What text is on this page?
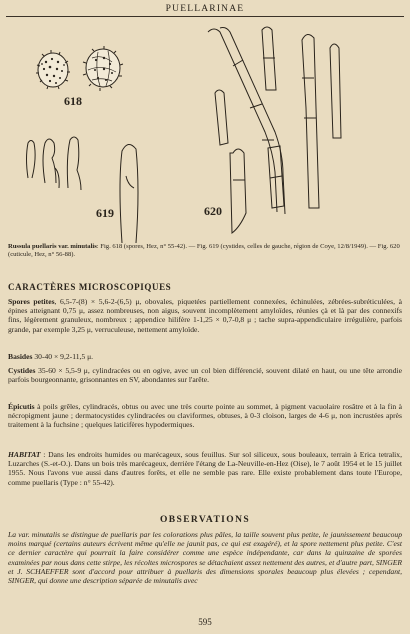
PUELLARINAE
618
619	620
Russula puellaris var. minutalis: Fig. 618 (spores, Hez, n° 55-42). — Fig. 619 (cystides, celles de gauche, région de Coye, 12/8/1949). — Fig. 620 (cuticule, Hez, n° 56-88).
CARACTÈRES MICROSCOPIQUES
Spores petites, 6,5-7-(8) × 5,6-2-(6,5) μ, obovales, piquetées partiellement connexées, échinulées, zébrées-subréticulées, à épines atteignant 0,75 μ, assez nombreuses, non aigus, souvent incomplètement amyloïdes, réunies çà et là par des connexifs fins, légèrement granuleux, nombreux ; appendice hilifère 1-1,25 × 0,7-0,8 μ ; tache supra-appendiculaire irrégulière, parfois grande, par exemple 3,25 μ, verruculeuse, nettement amyloïde.
Basides 30-40 × 9,2-11,5 μ.
Cystides 35-60 × 5,5-9 μ, cylindracées ou en ogive, avec un col bien différencié, souvent dilaté en haut, ou une tête arrondie parfois bourgeonnante, grisonnantes en SV, abondantes sur l'arête.
Épicutis à poils grêles, cylindracés, obtus ou avec une très courte pointe au sommet, à pigment vacuolaire rosâtre et à la fin à nécropigment jaune ; dermatocystides cylindracées ou claviformes, obtuses, à 0-3 cloison, larges de 4-6 μ, non incrustées après traitement à la fuchsine ; quelques laticifères hypodermiques.
HABITAT : Dans les endroits humides ou marécageux, sous feuillus. Sur sol siliceux, sous bouleaux, terrain à Erica tetralix, Luzarches (S.-et-O.). Dans un bois très marécageux, derrière l'étang de La-Neuville-en-Hez (Oise), le 7 août 1954 et le 15 juillet 1955. Nous l'avons vue aussi dans d'autres forêts, et elle ne semble pas rare. Elle existe probablement dans toute l'Europe, comme puellaris (Type : n° 55-42).
OBSERVATIONS
La var. minutalis se distingue de puellaris par les colorations plus pâles, la taille souvent plus petite, le jaunissement beaucoup moins marqué (certains auteurs écrivent même qu'elle ne jaunit pas, ce qui est exagéré), et la spore nettement plus petite. C'est ce dernier caractère qui pourrait la faire considérer comme une espèce indépendante, car dans la quinzaine de sporées examinées par nous dans cette stirpe, les récoltes microspores se détachaient assez nettement des autres, et d'autre part, SINGER et J. SCHAEFFER sont d'accord pour attribuer à puellaris des dimensions sporales beaucoup plus élevées ; cependant, SINGER, qui donne une description séparée de minutalis avec
595
